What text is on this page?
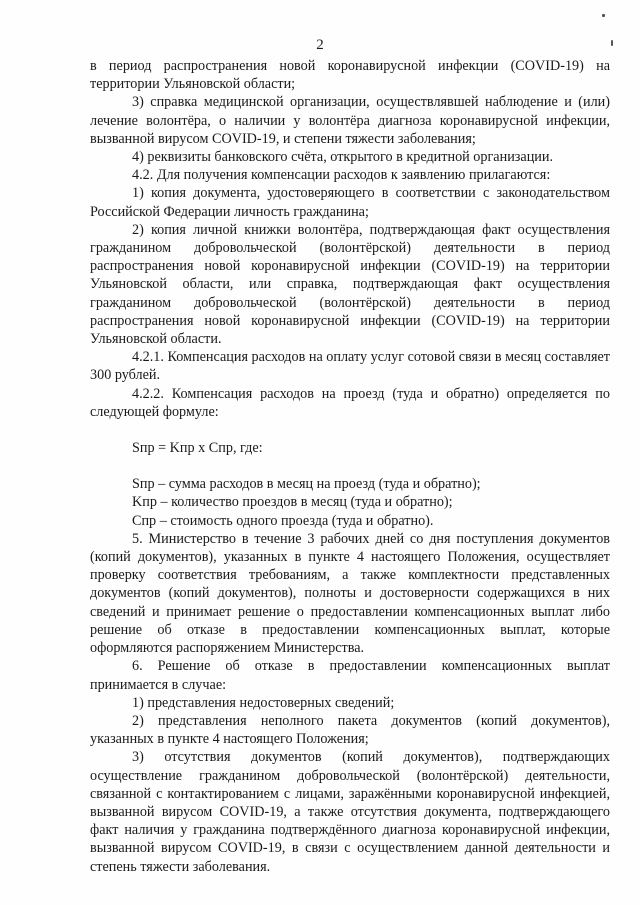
2

в период распространения новой коронавирусной инфекции (COVID-19) на территории Ульяновской области;

3) справка медицинской организации, осуществлявшей наблюдение и (или) лечение волонтёра, о наличии у волонтёра диагноза коронавирусной инфекции, вызванной вирусом COVID-19, и степени тяжести заболевания;

4) реквизиты банковского счёта, открытого в кредитной организации.

4.2. Для получения компенсации расходов к заявлению прилагаются:

1) копия документа, удостоверяющего в соответствии с законодательством Российской Федерации личность гражданина;

2) копия личной книжки волонтёра, подтверждающая факт осуществления гражданином добровольческой (волонтёрской) деятельности в период распространения новой коронавирусной инфекции (COVID-19) на территории Ульяновской области, или справка, подтверждающая факт осуществления гражданином добровольческой (волонтёрской) деятельности в период распространения новой коронавирусной инфекции (COVID-19) на территории Ульяновской области.

4.2.1. Компенсация расходов на оплату услуг сотовой связи в месяц составляет 300 рублей.

4.2.2. Компенсация расходов на проезд (туда и обратно) определяется по следующей формуле:

Sпр = Kпр x Cпр, где:

Sпр – сумма расходов в месяц на проезд (туда и обратно);

Kпр – количество проездов в месяц (туда и обратно);

Спр – стоимость одного проезда (туда и обратно).

5. Министерство в течение 3 рабочих дней со дня поступления документов (копий документов), указанных в пункте 4 настоящего Положения, осуществляет проверку соответствия требованиям, а также комплектности представленных документов (копий документов), полноты и достоверности содержащихся в них сведений и принимает решение о предоставлении компенсационных выплат либо решение об отказе в предоставлении компенсационных выплат, которые оформляются распоряжением Министерства.

6. Решение об отказе в предоставлении компенсационных выплат принимается в случае:

1) представления недостоверных сведений;

2) представления неполного пакета документов (копий документов), указанных в пункте 4 настоящего Положения;

3) отсутствия документов (копий документов), подтверждающих осуществление гражданином добровольческой (волонтёрской) деятельности, связанной с контактированием с лицами, заражёнными коронавирусной инфекцией, вызванной вирусом COVID-19, а также отсутствия документа, подтверждающего факт наличия у гражданина подтверждённого диагноза коронавирусной инфекции, вызванной вирусом COVID-19, в связи с осуществлением данной деятельности и степень тяжести заболевания.
